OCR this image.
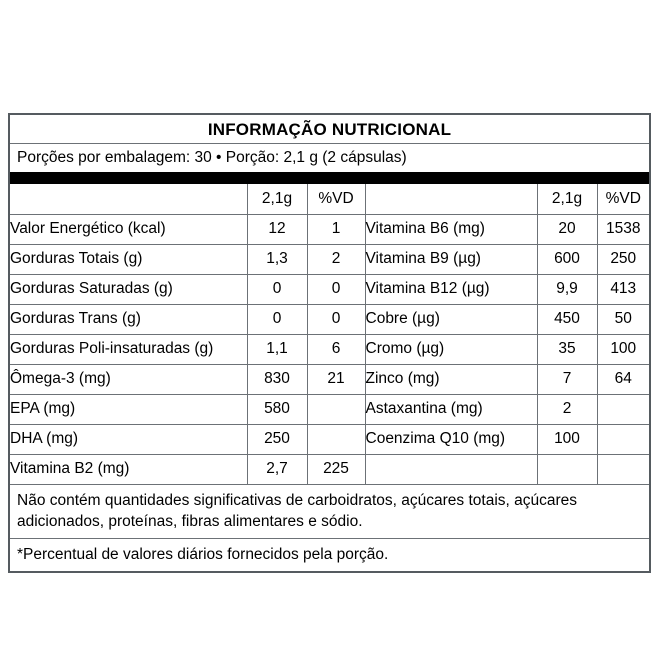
INFORMAÇÃO NUTRICIONAL
Porções por embalagem: 30 • Porção: 2,1 g (2 cápsulas)
	2,1g	%VD		2,1g	%VD
Valor Energético (kcal)	12	1	Vitamina B6 (mg)	20	1538
Gorduras Totais (g)	1,3	2	Vitamina B9 (µg)	600	250
Gorduras Saturadas (g)	0	0	Vitamina B12 (µg)	9,9	413
Gorduras Trans (g)	0	0	Cobre (µg)	450	50
Gorduras Poli-insaturadas (g)	1,1	6	Cromo (µg)	35	100
Ômega-3 (mg)	830	21	Zinco (mg)	7	64
EPA (mg)	580		Astaxantina (mg)	2	
DHA (mg)	250		Coenzima Q10 (mg)	100	
Vitamina B2 (mg)	2,7	225			
Não contém quantidades significativas de carboidratos, açúcares totais, açúcares
adicionados, proteínas, fibras alimentares e sódio.
*Percentual de valores diários fornecidos pela porção.
